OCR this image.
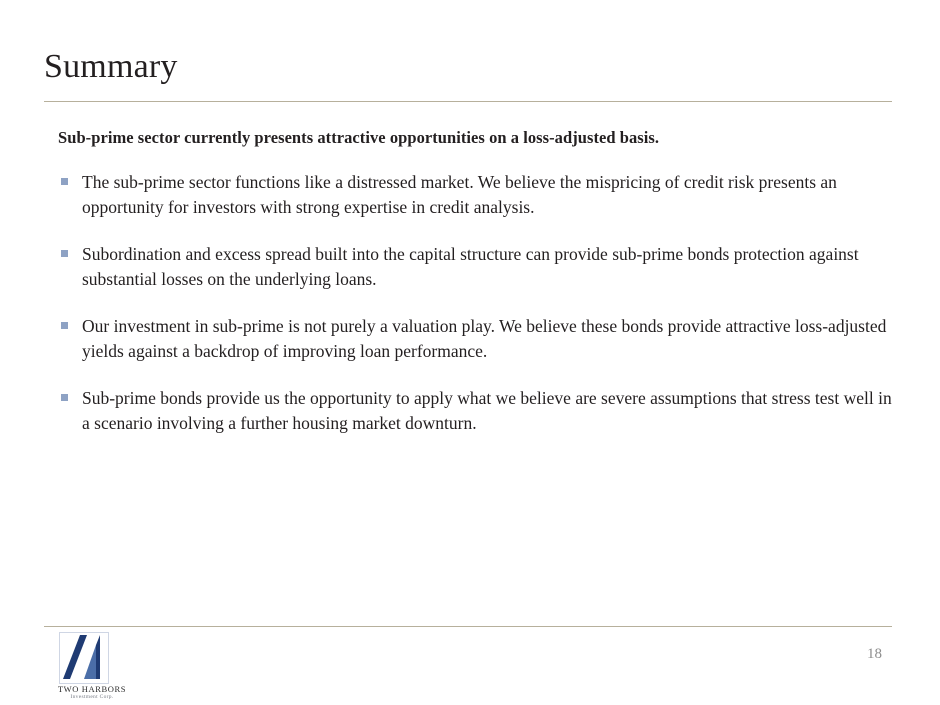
Summary

Sub-prime sector currently presents attractive opportunities on a loss-adjusted basis.

The sub-prime sector functions like a distressed market. We believe the mispricing of credit risk presents an opportunity for investors with strong expertise in credit analysis.
Subordination and excess spread built into the capital structure can provide sub-prime bonds protection against substantial losses on the underlying loans.
Our investment in sub-prime is not purely a valuation play. We believe these bonds provide attractive loss-adjusted yields against a backdrop of improving loan performance.
Sub-prime bonds provide us the opportunity to apply what we believe are severe assumptions that stress test well in a scenario involving a further housing market downturn.
TWO HARBORS
Investment Corp.
18
